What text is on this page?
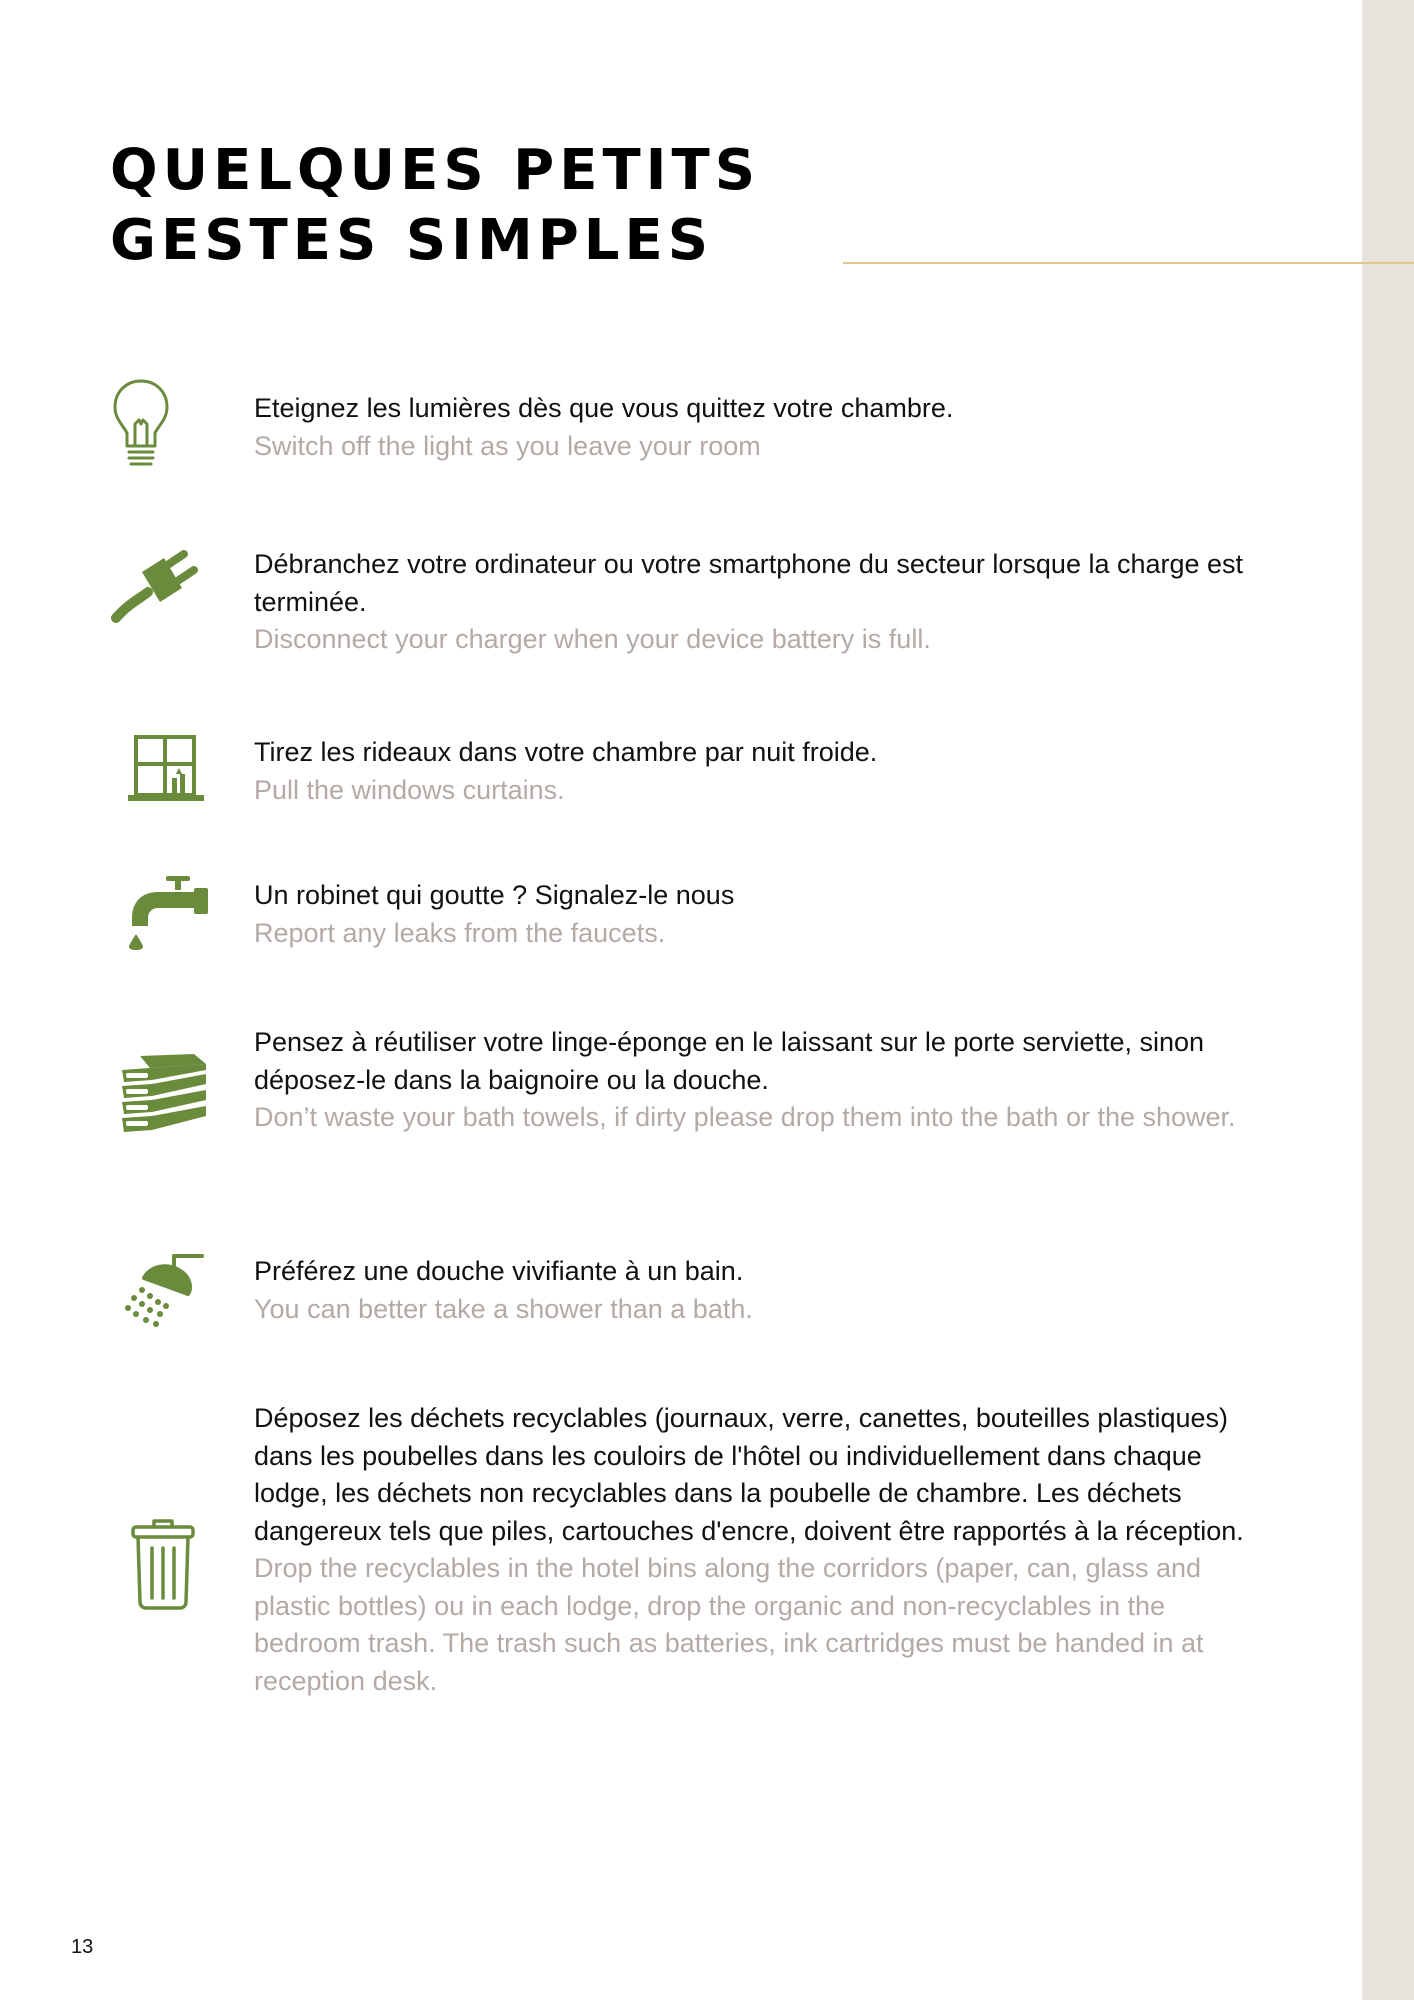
QUELQUES PETITS
GESTES SIMPLES

Eteignez les lumières dès que vous quittez votre chambre.

Switch off the light as you leave your room

Débranchez votre ordinateur ou votre smartphone du secteur lorsque la charge est terminée.

Disconnect your charger when your device battery is full.

Tirez les rideaux dans votre chambre par nuit froide.

Pull the windows curtains.

Un robinet qui goutte ? Signalez-le nous

Report any leaks from the faucets.

Pensez à réutiliser votre linge-éponge en le laissant sur le porte serviette, sinon déposez-le dans la baignoire ou la douche.

Don’t waste your bath towels, if dirty please drop them into the bath or the shower.

Préférez une douche vivifiante à un bain.

You can better take a shower than a bath.

Déposez les déchets recyclables (journaux, verre, canettes, bouteilles plastiques) dans les poubelles dans les couloirs de l'hôtel ou individuellement dans chaque lodge, les déchets non recyclables dans la poubelle de chambre. Les déchets dangereux tels que piles, cartouches d'encre, doivent être rapportés à la réception.

Drop the recyclables in the hotel bins along the corridors (paper, can, glass and plastic bottles) ou in each lodge, drop the organic and non-recyclables in the bedroom trash. The trash such as batteries, ink cartridges must be handed in at reception desk.

13
